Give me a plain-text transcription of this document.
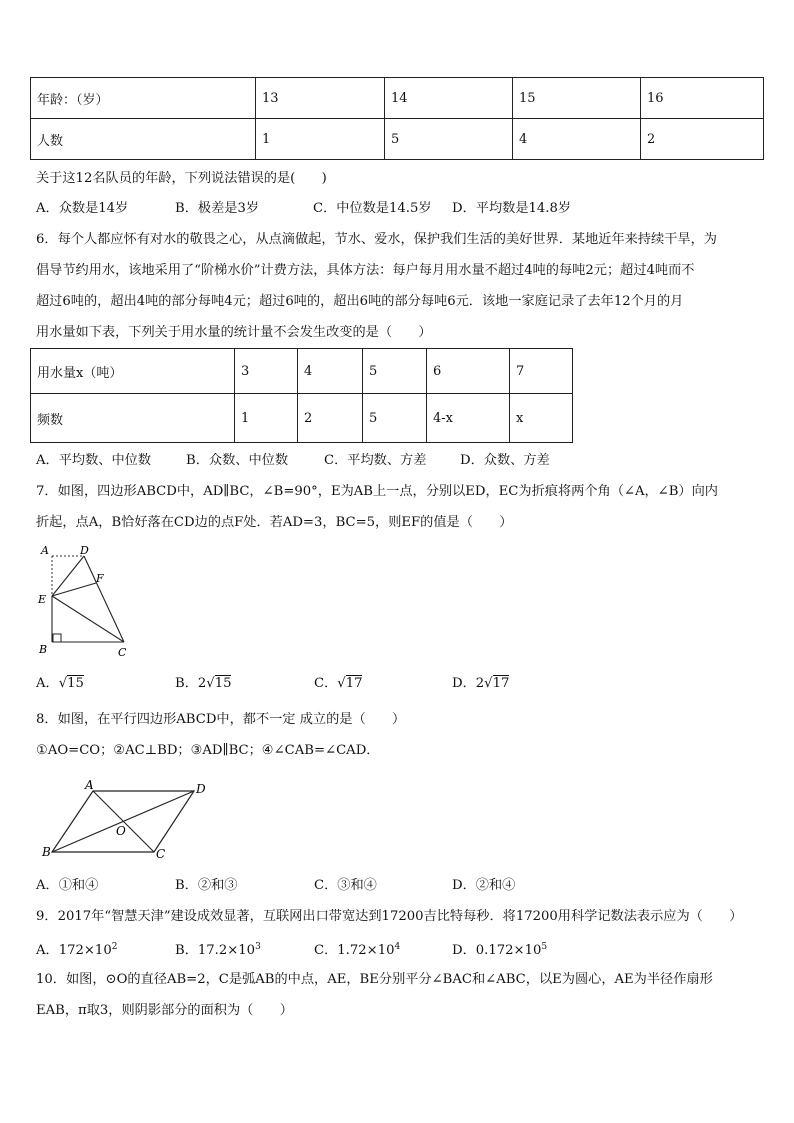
年龄：（岁）	13	14	15	16
人数	1	5	4	2
关于这12名队员的年龄，下列说法错误的是(　　)
A．众数是14岁	B．极差是3岁	C．中位数是14.5岁 D．平均数是14.8岁
6．每个人都应怀有对水的敬畏之心，从点滴做起，节水、爱水，保护我们生活的美好世界．某地近年来持续干旱，为
倡导节约用水，该地采用了“阶梯水价”计费方法，具体方法：每户每月用水量不超过4吨的每吨2元；超过4吨而不
超过6吨的，超出4吨的部分每吨4元；超过6吨的，超出6吨的部分每吨6元．该地一家庭记录了去年12个月的月
用水量如下表，下列关于用水量的统计量不会发生改变的是（　　）
用水量x（吨）	3	4	5	6	7
频数	1	2	5	4-x	x
A．平均数、中位数	B．众数、中位数	C．平均数、方差	D．众数、方差
7．如图，四边形ABCD中，AD∥BC，∠B=90°，E为AB上一点，分别以ED，EC为折痕将两个角（∠A，∠B）向内
折起，点A，B恰好落在CD边的点F处．若AD=3，BC=5，则EF的值是（　　）
A	D
F
E
B	C
A．√15	B．2√15	C．√17	D．2√17
8．如图，在平行四边形ABCD中，都不一定 成立的是（　　）
①AO=CO；②AC⊥BD；③AD∥BC；④∠CAB=∠CAD．
A	D
O
B	C
A．①和④	B．②和③	C．③和④	D．②和④
9．2017年“智慧天津”建设成效显著，互联网出口带宽达到17200吉比特每秒．将17200用科学记数法表示应为（　　）
A．$172\times 10^2$	B．$17.2\times 10^3$	C．$1.72\times 10^4$	D．$0.172\times 10^5$
10．如图，⊙O的直径AB=2，C是弧AB的中点，AE，BE分别平分∠BAC和∠ABC，以E为圆心，AE为半径作扇形
EAB，π取3，则阴影部分的面积为（　　）
